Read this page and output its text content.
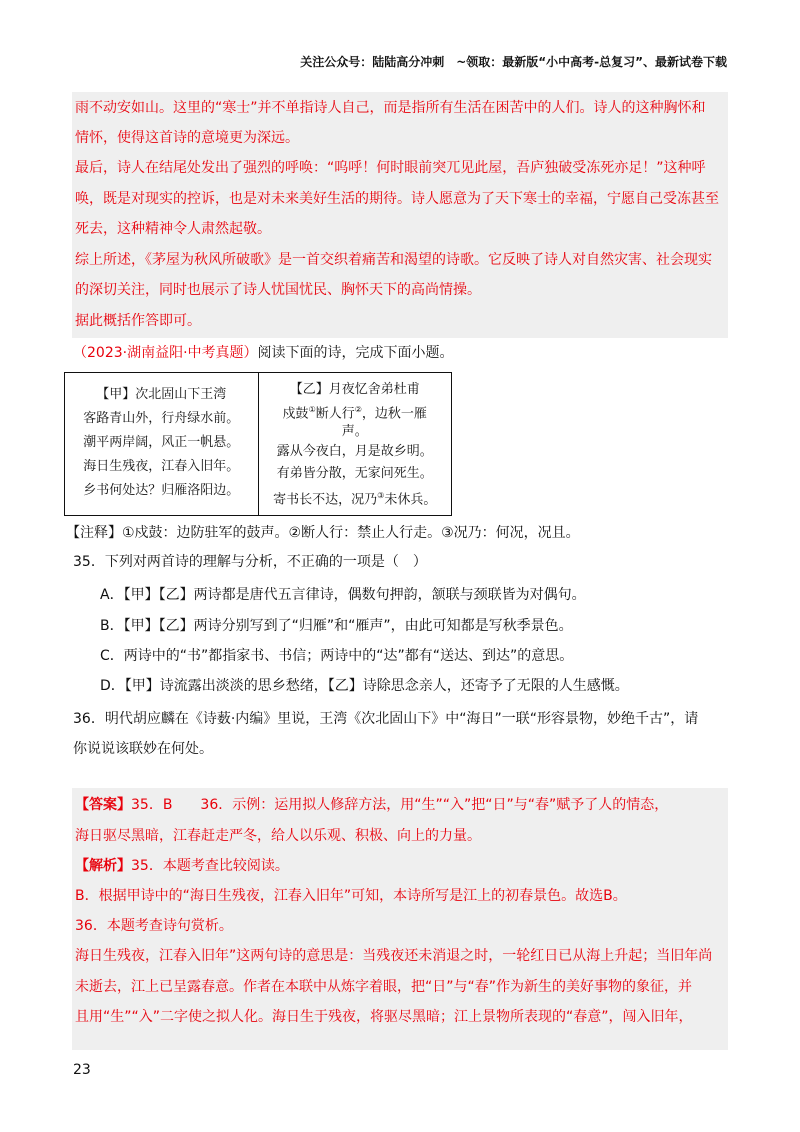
关注公众号：陆陆高分冲刺　~领取：最新版“小中高考-总复习”、最新试卷下载
雨不动安如山。这里的“寒士”并不单指诗人自己，而是指所有生活在困苦中的人们。诗人的这种胸怀和
情怀，使得这首诗的意境更为深远。
最后，诗人在结尾处发出了强烈的呼唤：“呜呼！何时眼前突兀见此屋，吾庐独破受冻死亦足！”这种呼
唤，既是对现实的控诉，也是对未来美好生活的期待。诗人愿意为了天下寒士的幸福，宁愿自己受冻甚至
死去，这种精神令人肃然起敬。
综上所述，《茅屋为秋风所破歌》是一首交织着痛苦和渴望的诗歌。它反映了诗人对自然灾害、社会现实
的深切关注，同时也展示了诗人忧国忧民、胸怀天下的高尚情操。
据此概括作答即可。
（2023·湖南益阳·中考真题）阅读下面的诗，完成下面小题。
【甲】次北固山下王湾
客路青山外，行舟绿水前。
潮平两岸阔，风正一帆悬。
海日生残夜，江春入旧年。
乡书何处达？归雁洛阳边。
【乙】月夜忆舍弟杜甫
戍鼓①断人行②，边秋一雁
声。
露从今夜白，月是故乡明。
有弟皆分散，无家问死生。
寄书长不达，况乃③未休兵。
【注释】①戍鼓：边防驻军的鼓声。②断人行：禁止人行走。③况乃：何况，况且。
35．下列对两首诗的理解与分析，不正确的一项是（　）
A．【甲】【乙】两诗都是唐代五言律诗，偶数句押韵，颔联与颈联皆为对偶句。
B．【甲】【乙】两诗分别写到了“归雁”和“雁声”，由此可知都是写秋季景色。
C．两诗中的“书”都指家书、书信；两诗中的“达”都有“送达、到达”的意思。
D．【甲】诗流露出淡淡的思乡愁绪，【乙】诗除思念亲人，还寄予了无限的人生感慨。
36．明代胡应麟在《诗薮·内编》里说，王湾《次北固山下》中“海日”一联“形容景物，妙绝千古”，请
你说说该联妙在何处。
【答案】35．B　　36．示例：运用拟人修辞方法，用“生”“入”把“日”与“春”赋予了人的情态，
海日驱尽黑暗，江春赶走严冬，给人以乐观、积极、向上的力量。
【解析】35．本题考查比较阅读。
B．根据甲诗中的“海日生残夜，江春入旧年”可知，本诗所写是江上的初春景色。故选B。
36．本题考查诗句赏析。
海日生残夜，江春入旧年”这两句诗的意思是：当残夜还未消退之时，一轮红日已从海上升起；当旧年尚
未逝去，江上已呈露春意。作者在本联中从炼字着眼，把“日”与“春”作为新生的美好事物的象征，并
且用“生”“入”二字使之拟人化。海日生于残夜，将驱尽黑暗；江上景物所表现的“春意”，闯入旧年，
23
